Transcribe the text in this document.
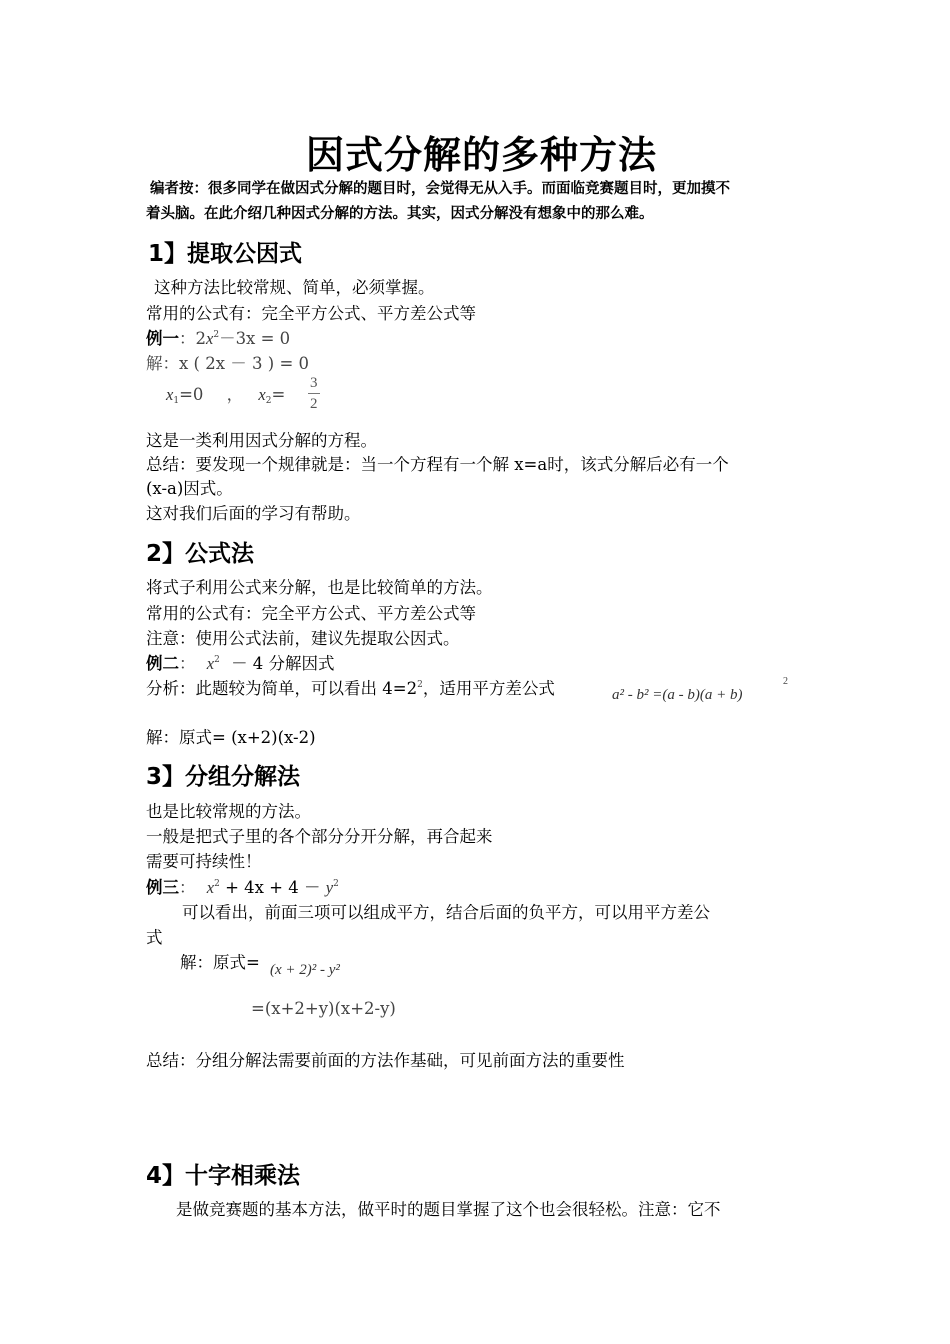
因式分解的多种方法
编者按：很多同学在做因式分解的题目时，会觉得无从入手。而面临竞赛题目时，更加摸不
着头脑。在此介绍几种因式分解的方法。其实，因式分解没有想象中的那么难。
1】提取公因式
这种方法比较常规、简单，必须掌握。
常用的公式有：完全平方公式、平方差公式等
例一：$2x^2-3x = 0$
解：x ( 2x － 3 ) = 0
$x_1=0$ ， $x_2= \frac{3}{2}$
这是一类利用因式分解的方程。
总结：要发现一个规律就是：当一个方程有一个解 x=a时，该式分解后必有一个
(x-a)因式。
这对我们后面的学习有帮助。
2】公式法
将式子利用公式来分解，也是比较简单的方法。
常用的公式有：完全平方公式、平方差公式等
注意：使用公式法前，建议先提取公因式。
例二： $x^2 - 4$ 分解因式
分析：此题较为简单，可以看出 $4=2^2$，适用平方差公式	a² - b² =(a - b)(a + b)
2
解：原式= (x+2)(x-2)
3】分组分解法
也是比较常规的方法。
一般是把式子里的各个部分分开分解，再合起来
需要可持续性！
例三： $x^2 + 4x + 4 - y^2$
可以看出，前面三项可以组成平方，结合后面的负平方，可以用平方差公
式
解：原式= (x + 2)² - y²
=(x+2+y)(x+2-y)
总结：分组分解法需要前面的方法作基础，可见前面方法的重要性
4】十字相乘法
是做竞赛题的基本方法，做平时的题目掌握了这个也会很轻松。注意：它不
